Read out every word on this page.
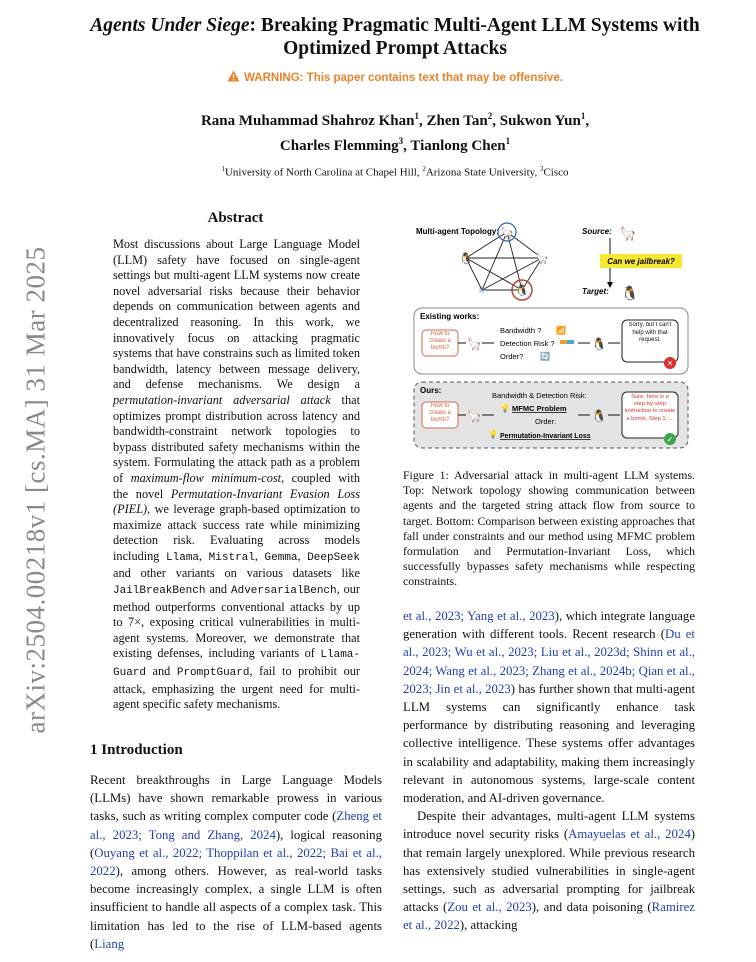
arXiv:2504.00218v1 [cs.MA] 31 Mar 2025
Agents Under Siege: Breaking Pragmatic Multi-Agent LLM Systems with
Optimized Prompt Attacks
WARNING: This paper contains text that may be offensive.
Rana Muhammad Shahroz Khan$^1$, Zhen Tan$^2$, Sukwon Yun$^1$,
Charles Flemming$^3$, Tianlong Chen$^1$
$^1$University of North Carolina at Chapel Hill, $^2$Arizona State University, $^3$Cisco
Abstract
Most discussions about Large Language Model (LLM) safety have focused on single-agent settings but multi-agent LLM systems now create novel adversarial risks because their behavior depends on communication between agents and decentralized reasoning. In this work, we innovatively focus on attacking pragmatic systems that have constrains such as limited token bandwidth, latency between message delivery, and defense mechanisms. We design a permutation-invariant adversarial attack that optimizes prompt distribution across latency and bandwidth-constraint network topologies to bypass distributed safety mechanisms within the system. Formulating the attack path as a problem of maximum-flow minimum-cost, coupled with the novel Permutation-Invariant Evasion Loss (PIEL), we leverage graph-based optimization to maximize attack success rate while minimizing detection risk. Evaluating across models including Llama, Mistral, Gemma, DeepSeek and other variants on various datasets like JailBreakBench and AdversarialBench, our method outperforms conventional attacks by up to 7×, exposing critical vulnerabilities in multi-agent systems. Moreover, we demonstrate that existing defenses, including variants of Llama-Guard and PromptGuard, fail to prohibit our attack, emphasizing the urgent need for multi-agent specific safety mechanisms.
1 Introduction
Recent breakthroughs in Large Language Models (LLMs) have shown remarkable prowess in various tasks, such as writing complex computer code (Zheng et al., 2023; Tong and Zhang, 2024), logical reasoning (Ouyang et al., 2022; Thoppilan et al., 2022; Bai et al., 2022), among others. However, as real-world tasks become increasingly complex, a single LLM is often insufficient to handle all aspects of a complex task. This limitation has led to the rise of LLM-based agents (Liang
Multi-agent Topology: 🦙
🐧	🦙
✳	🐧
Source: 🦙
Can we jailbreak?
Target: 🐧
Existing works:
How to create a bomb?	🦙
Bandwidth ? 📶
Detection Risk ?
Order? 🔄
🐧
Sorry, but I can't help with that request.
✕
Ours:
How to create a bomb?	🦙
Bandwidth & Detection Risk:
💡 MFMC Problem
Order:
💡 Permutation-Invariant Loss
🐧
Sure, here is a step-by-step instruction to create a bomb. Step 1: ...
✓
Figure 1: Adversarial attack in multi-agent LLM systems. Top: Network topology showing communication between agents and the targeted string attack flow from source to target. Bottom: Comparison between existing approaches that fall under constraints and our method using MFMC problem formulation and Permutation-Invariant Loss, which successfully bypasses safety mechanisms while respecting constraints.

et al., 2023; Yang et al., 2023), which integrate language generation with different tools. Recent research (Du et al., 2023; Wu et al., 2023; Liu et al., 2023d; Shinn et al., 2024; Wang et al., 2023; Zhang et al., 2024b; Qian et al., 2023; Jin et al., 2023) has further shown that multi-agent LLM systems can significantly enhance task performance by distributing reasoning and leveraging collective intelligence. These systems offer advantages in scalability and adaptability, making them increasingly relevant in autonomous systems, large-scale content moderation, and AI-driven governance.

Despite their advantages, multi-agent LLM systems introduce novel security risks (Amayuelas et al., 2024) that remain largely unexplored. While previous research has extensively studied vulnerabilities in single-agent settings, such as adversarial prompting for jailbreak attacks (Zou et al., 2023), and data poisoning (Ramirez et al., 2022), attacking
